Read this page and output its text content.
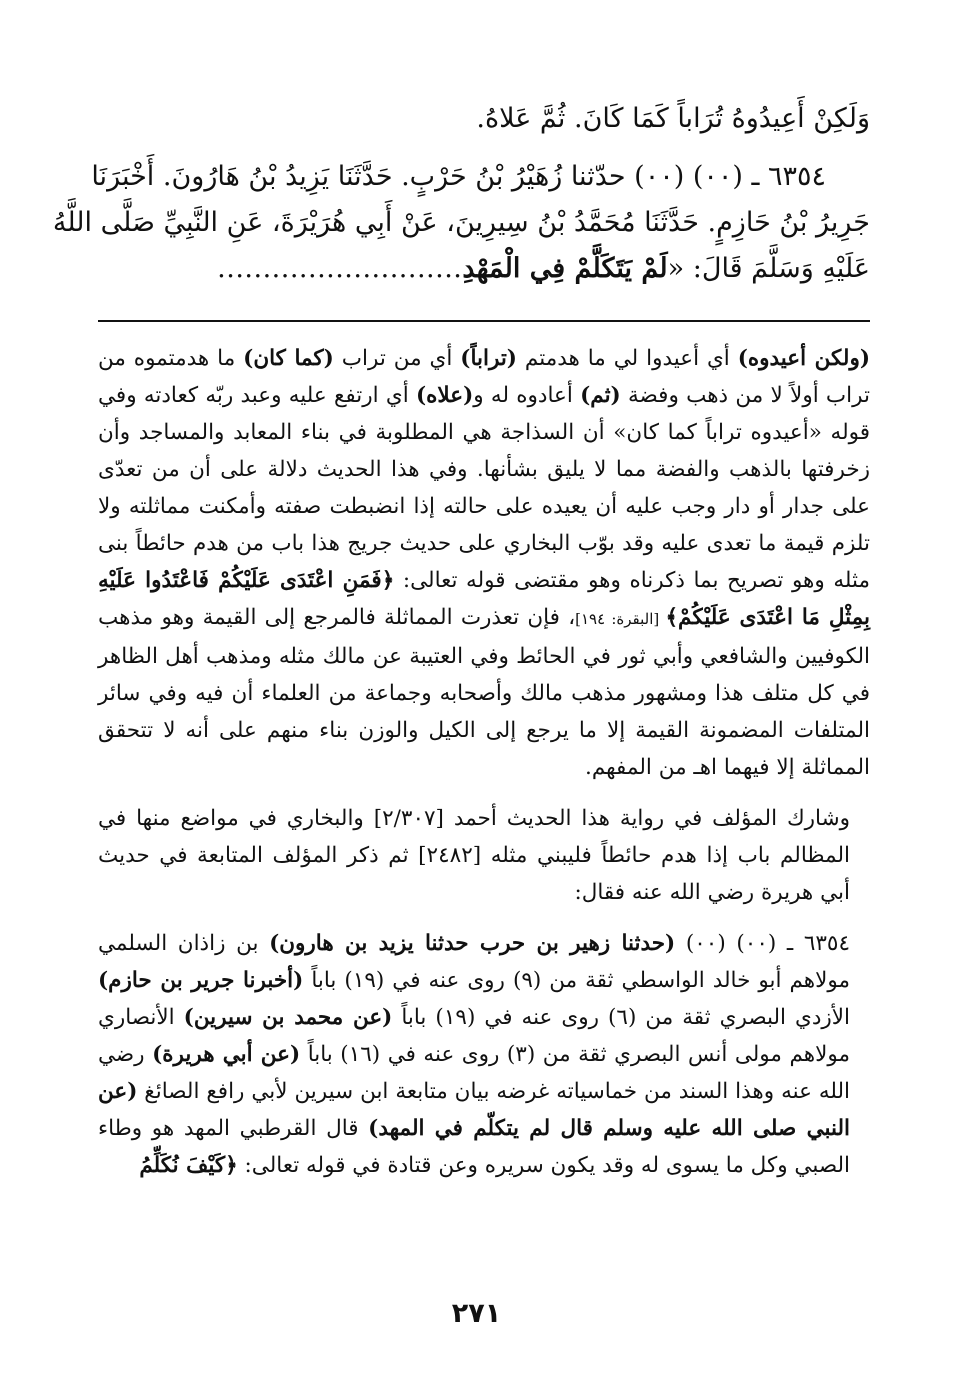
وَلَكِنْ أَعِيدُوهُ تُرَاباً كَمَا كَانَ. ثُمَّ عَلاهُ.

٦٣٥٤ ـ (٠٠) (٠٠) حدّثنا زُهَيْرُ بْنُ حَرْبٍ. حَدَّثَنَا يَزِيدُ بْنُ هَارُونَ. أَخْبَرَنَا

جَرِيرُ بْنُ حَازِمٍ. حَدَّثَنَا مُحَمَّدُ بْنُ سِيرِينَ، عَنْ أَبِي هُرَيْرَةَ، عَنِ النَّبِيِّ صَلَّى اللَّهُ

عَلَيْهِ وَسَلَّمَ قَالَ: «لَمْ يَتَكَلَّمْ فِي الْمَهْدِ...........................

(ولكن أعيدوه) أي أعيدوا لي ما هدمتم (تراباً) أي من تراب (كما كان) ما هدمتموه من تراب أولاً لا من ذهب وفضة (ثم) أعادوه له و(علاه) أي ارتفع عليه وعبد ربّه كعادته وفي قوله «أعيدوه تراباً كما كان» أن السذاجة هي المطلوبة في بناء المعابد والمساجد وأن زخرفتها بالذهب والفضة مما لا يليق بشأنها. وفي هذا الحديث دلالة على أن من تعدّى على جدار أو دار وجب عليه أن يعيده على حالته إذا انضبطت صفته وأمكنت مماثلته ولا تلزم قيمة ما تعدى عليه وقد بوّب البخاري على حديث جريج هذا باب من هدم حائطاً بنى مثله وهو تصريح بما ذكرناه وهو مقتضى قوله تعالى: ﴿فَمَنِ اعْتَدَى عَلَيْكُمْ فَاعْتَدُوا عَلَيْهِ بِمِثْلِ مَا اعْتَدَى عَلَيْكُمْ﴾ [البقرة: ١٩٤]، فإن تعذرت المماثلة فالمرجع إلى القيمة وهو مذهب الكوفيين والشافعي وأبي ثور في الحائط وفي العتيبة عن مالك مثله ومذهب أهل الظاهر في كل متلف هذا ومشهور مذهب مالك وأصحابه وجماعة من العلماء أن فيه وفي سائر المتلفات المضمونة القيمة إلا ما يرجع إلى الكيل والوزن بناء منهم على أنه لا تتحقق المماثلة إلا فيهما اهـ من المفهم.

وشارك المؤلف في رواية هذا الحديث أحمد [٢/٣٠٧] والبخاري في مواضع منها في المظالم باب إذا هدم حائطاً فليبني مثله [٢٤٨٢] ثم ذكر المؤلف المتابعة في حديث أبي هريرة رضي الله عنه فقال:

٦٣٥٤ ـ (٠٠) (٠٠) (حدثنا زهير بن حرب حدثنا يزيد بن هارون) بن زاذان السلمي مولاهم أبو خالد الواسطي ثقة من (٩) روى عنه في (١٩) باباً (أخبرنا جرير بن حازم) الأزدي البصري ثقة من (٦) روى عنه في (١٩) باباً (عن محمد بن سيرين) الأنصاري مولاهم مولى أنس البصري ثقة من (٣) روى عنه في (١٦) باباً (عن أبي هريرة) رضي الله عنه وهذا السند من خماسياته غرضه بيان متابعة ابن سيرين لأبي رافع الصائغ (عن النبي صلى الله عليه وسلم قال لم يتكلّم في المهد) قال القرطبي المهد هو وطاء الصبي وكل ما يسوى له وقد يكون سريره وعن قتادة في قوله تعالى: ﴿كَيْفَ نُكَلِّمُ

٢٧١
